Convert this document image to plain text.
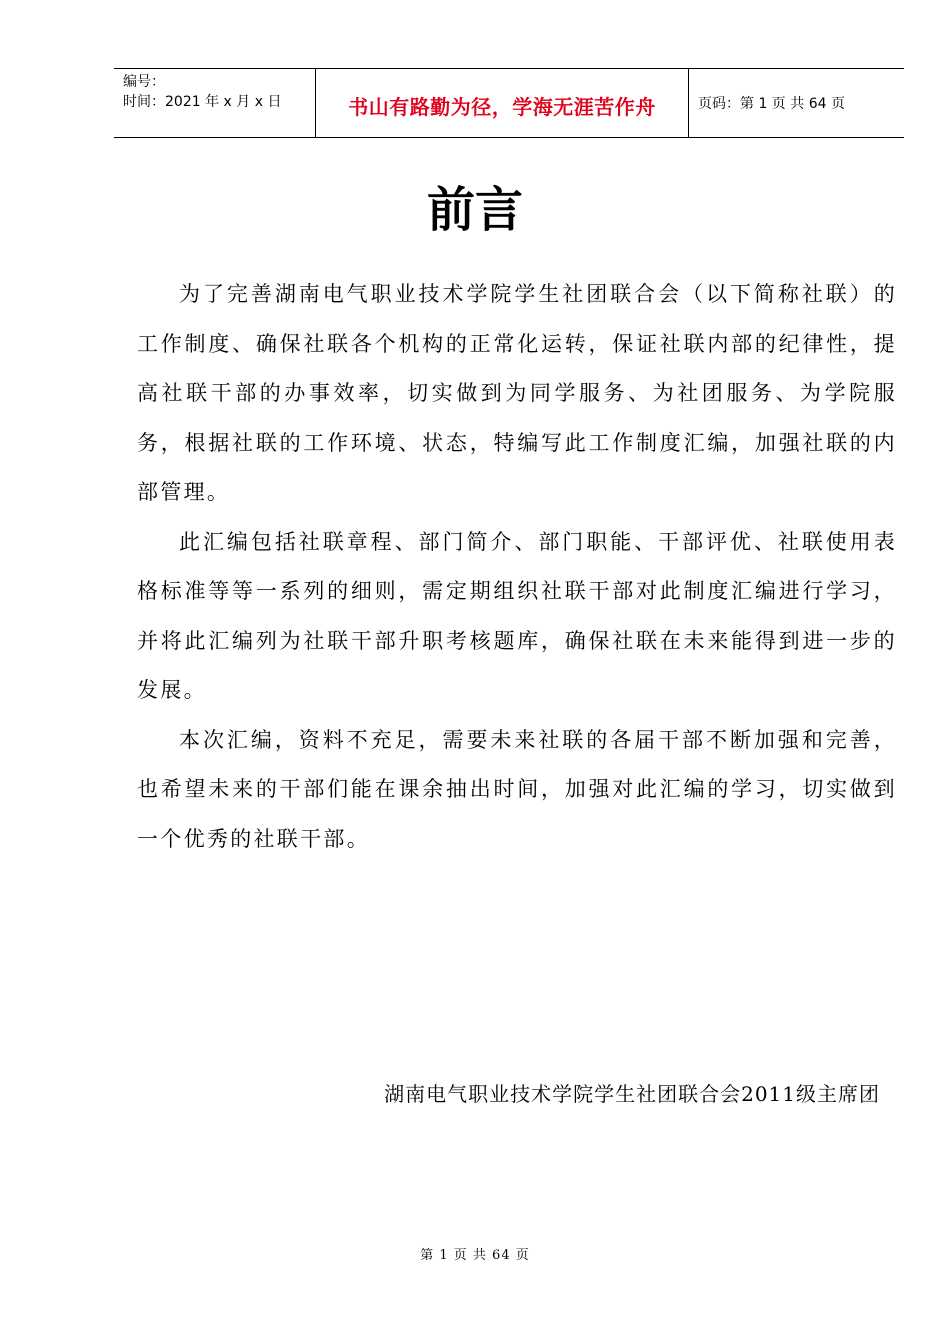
编号：
时间：2021 年 x 月 x 日	书山有路勤为径，学海无涯苦作舟	页码：第 1 页 共 64 页
前言

为了完善湖南电气职业技术学院学生社团联合会（以下简称社联）的工作制度、确保社联各个机构的正常化运转，保证社联内部的纪律性，提高社联干部的办事效率，切实做到为同学服务、为社团服务、为学院服务，根据社联的工作环境、状态，特编写此工作制度汇编，加强社联的内部管理。

此汇编包括社联章程、部门简介、部门职能、干部评优、社联使用表格标准等等一系列的细则，需定期组织社联干部对此制度汇编进行学习，并将此汇编列为社联干部升职考核题库，确保社联在未来能得到进一步的发展。

本次汇编，资料不充足，需要未来社联的各届干部不断加强和完善，也希望未来的干部们能在课余抽出时间，加强对此汇编的学习，切实做到一个优秀的社联干部。

湖南电气职业技术学院学生社团联合会2011级主席团
第 1 页 共 64 页
